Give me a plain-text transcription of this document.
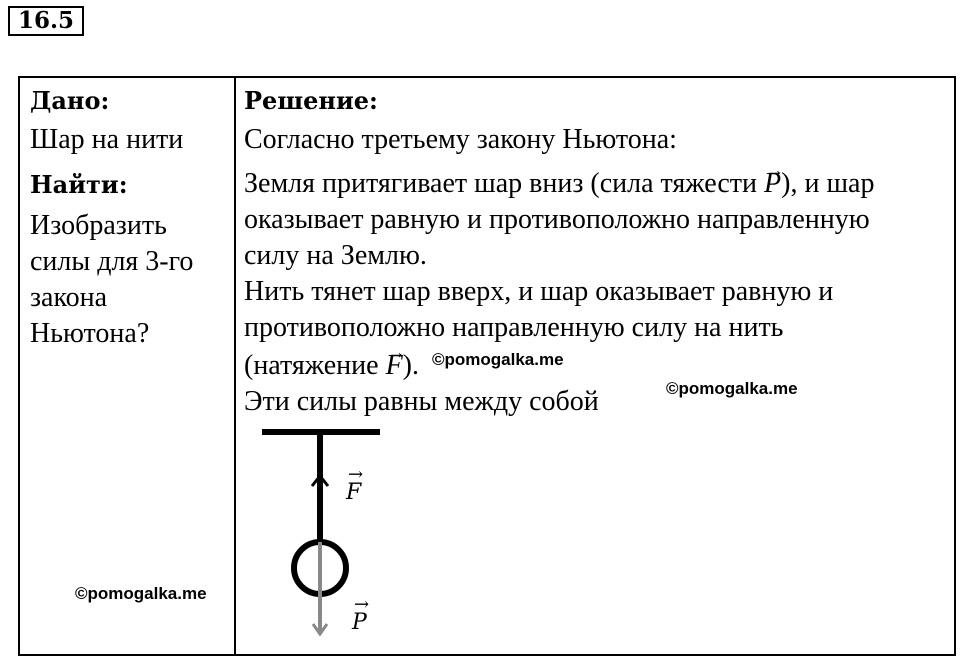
16.5
Дано:
Шар на нити
Найти:
Изобразить
силы для 3-го
закона
Ньютона?
Решение:
Согласно третьему закону Ньютона:
Земля притягивает шар вниз (сила тяжести → P), и шар
оказывает равную и противоположно направленную
силу на Землю.
Нить тянет шар вверх, и шар оказывает равную и
противоположно направленную силу на нить
(натяжение → F).
Эти силы равны между собой
©pomogalka.me
©pomogalka.me
©pomogalka.me
→ F
→ P
